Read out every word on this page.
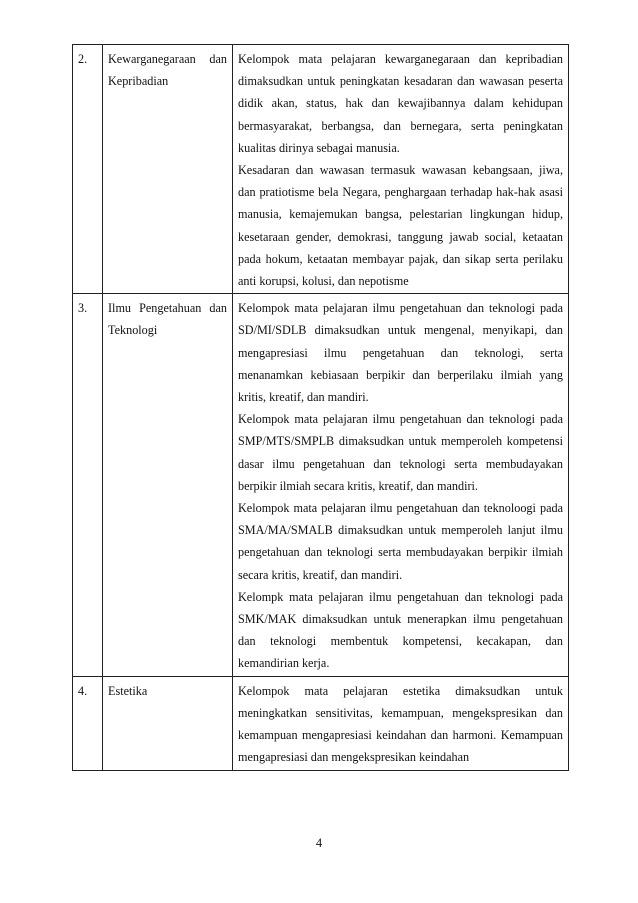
2.	Kewarganegaraan dan Kepribadian	Kelompok mata pelajaran kewarganegaraan dan kepribadian dimaksudkan untuk peningkatan kesadaran dan wawasan peserta didik akan, status, hak dan kewajibannya dalam kehidupan bermasyarakat, berbangsa, dan bernegara, serta peningkatan kualitas dirinya sebagai manusia.

Kesadaran dan wawasan termasuk wawasan kebangsaan, jiwa, dan pratiotisme bela Negara, penghargaan terhadap hak-hak asasi manusia, kemajemukan bangsa, pelestarian lingkungan hidup, kesetaraan gender, demokrasi, tanggung jawab social, ketaatan pada hokum, ketaatan membayar pajak, dan sikap serta perilaku anti korupsi, kolusi, dan nepotisme

3.	Ilmu Pengetahuan dan Teknologi	Kelompok mata pelajaran ilmu pengetahuan dan teknologi pada SD/MI/SDLB dimaksudkan untuk mengenal, menyikapi, dan mengapresiasi ilmu pengetahuan dan teknologi, serta menanamkan kebiasaan berpikir dan berperilaku ilmiah yang kritis, kreatif, dan mandiri.

Kelompok mata pelajaran ilmu pengetahuan dan teknologi pada SMP/MTS/SMPLB dimaksudkan untuk memperoleh kompetensi dasar ilmu pengetahuan dan teknologi serta membudayakan berpikir ilmiah secara kritis, kreatif, dan mandiri.

Kelompok mata pelajaran ilmu pengetahuan dan teknoloogi pada SMA/MA/SMALB dimaksudkan untuk memperoleh lanjut ilmu pengetahuan dan teknologi serta membudayakan berpikir ilmiah secara kritis, kreatif, dan mandiri.

Kelompk mata pelajaran ilmu pengetahuan dan teknologi pada SMK/MAK dimaksudkan untuk menerapkan ilmu pengetahuan dan teknologi membentuk kompetensi, kecakapan, dan kemandirian kerja.

4.	Estetika	Kelompok mata pelajaran estetika dimaksudkan untuk meningkatkan sensitivitas, kemampuan, mengekspresikan dan kemampuan mengapresiasi keindahan dan harmoni. Kemampuan mengapresiasi dan mengekspresikan keindahan

4
